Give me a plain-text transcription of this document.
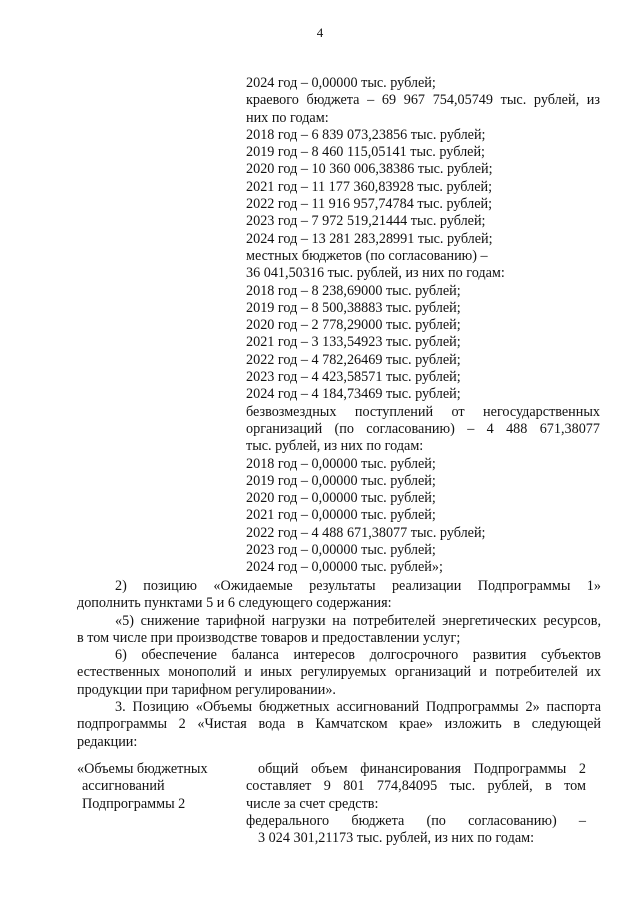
4
2024 год – 0,00000 тыс. рублей;
краевого бюджета – 69 967 754,05749 тыс. рублей, из
них по годам:
2018 год – 6 839 073,23856 тыс. рублей;
2019 год – 8 460 115,05141 тыс. рублей;
2020 год – 10 360 006,38386 тыс. рублей;
2021 год – 11 177 360,83928 тыс. рублей;
2022 год – 11 916 957,74784 тыс. рублей;
2023 год – 7 972 519,21444 тыс. рублей;
2024 год – 13 281 283,28991 тыс. рублей;
местных бюджетов (по согласованию) –
36 041,50316 тыс. рублей, из них по годам:
2018 год – 8 238,69000 тыс. рублей;
2019 год – 8 500,38883 тыс. рублей;
2020 год – 2 778,29000 тыс. рублей;
2021 год – 3 133,54923 тыс. рублей;
2022 год – 4 782,26469 тыс. рублей;
2023 год – 4 423,58571 тыс. рублей;
2024 год – 4 184,73469 тыс. рублей;
безвозмездных поступлений от негосударственных
организаций (по согласованию) – 4 488 671,38077
тыс. рублей, из них по годам:
2018 год – 0,00000 тыс. рублей;
2019 год – 0,00000 тыс. рублей;
2020 год – 0,00000 тыс. рублей;
2021 год – 0,00000 тыс. рублей;
2022 год – 4 488 671,38077 тыс. рублей;
2023 год – 0,00000 тыс. рублей;
2024 год – 0,00000 тыс. рублей»;
2) позицию «Ожидаемые результаты реализации Подпрограммы 1»
дополнить пунктами 5 и 6 следующего содержания:
«5) снижение тарифной нагрузки на потребителей энергетических ресурсов,
в том числе при производстве товаров и предоставлении услуг;
6) обеспечение баланса интересов долгосрочного развития субъектов
естественных монополий и иных регулируемых организаций и потребителей их
продукции при тарифном регулировании».
3. Позицию «Объемы бюджетных ассигнований Подпрограммы 2» паспорта
подпрограммы 2 «Чистая вода в Камчатском крае» изложить в следующей
редакции:
«Объемы бюджетных
ассигнований
Подпрограммы 2
общий объем финансирования Подпрограммы 2
составляет 9 801 774,84095 тыс. рублей, в том
числе за счет средств:
федерального бюджета (по согласованию) –
3 024 301,21173 тыс. рублей, из них по годам:
